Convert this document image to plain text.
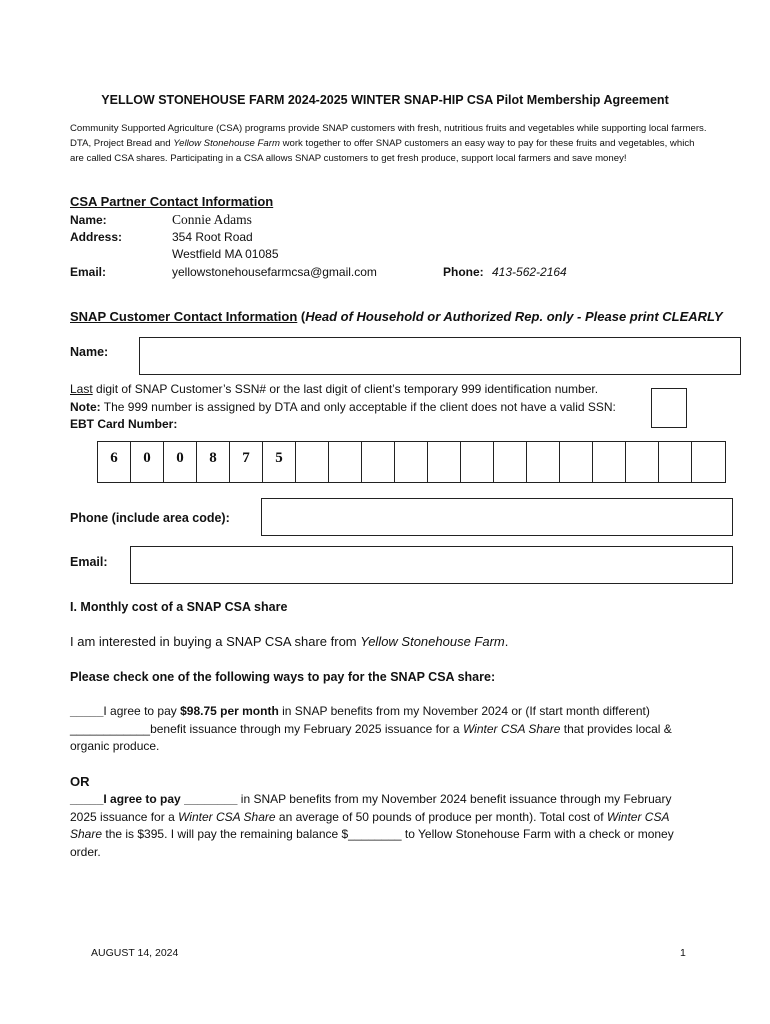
YELLOW STONEHOUSE FARM 2024-2025 WINTER SNAP-HIP CSA Pilot Membership Agreement
Community Supported Agriculture (CSA) programs provide SNAP customers with fresh, nutritious fruits and vegetables while supporting local farmers. DTA, Project Bread and Yellow Stonehouse Farm work together to offer SNAP customers an easy way to pay for these fruits and vegetables, which are called CSA shares. Participating in a CSA allows SNAP customers to get fresh produce, support local farmers and save money!
CSA Partner Contact Information
Name:	Connie Adams
Address:	354 Root Road
Westfield MA 01085
Email:	yellowstonehousefarmcsa@gmail.com	Phone: 413-562-2164
SNAP Customer Contact Information (Head of Household or Authorized Rep. only - Please print CLEARLY
Name:
Last digit of SNAP Customer’s SSN# or the last digit of client’s temporary 999 identification number.
Note: The 999 number is assigned by DTA and only acceptable if the client does not have a valid SSN:
EBT Card Number:
6	0	0	8	7	5
Phone (include area code):
Email:
I. Monthly cost of a SNAP CSA share
I am interested in buying a SNAP CSA share from Yellow Stonehouse Farm.
Please check one of the following ways to pay for the SNAP CSA share:
_____I agree to pay $98.75 per month in SNAP benefits from my November 2024 or (If start month different) ____________benefit issuance through my February 2025 issuance for a Winter CSA Share that provides local & organic produce.
OR
_____I agree to pay ________ in SNAP benefits from my November 2024 benefit issuance through my February 2025 issuance for a Winter CSA Share an average of 50 pounds of produce per month). Total cost of Winter CSA Share the is $395. I will pay the remaining balance $________ to Yellow Stonehouse Farm with a check or money order.
AUGUST 14, 2024	1
